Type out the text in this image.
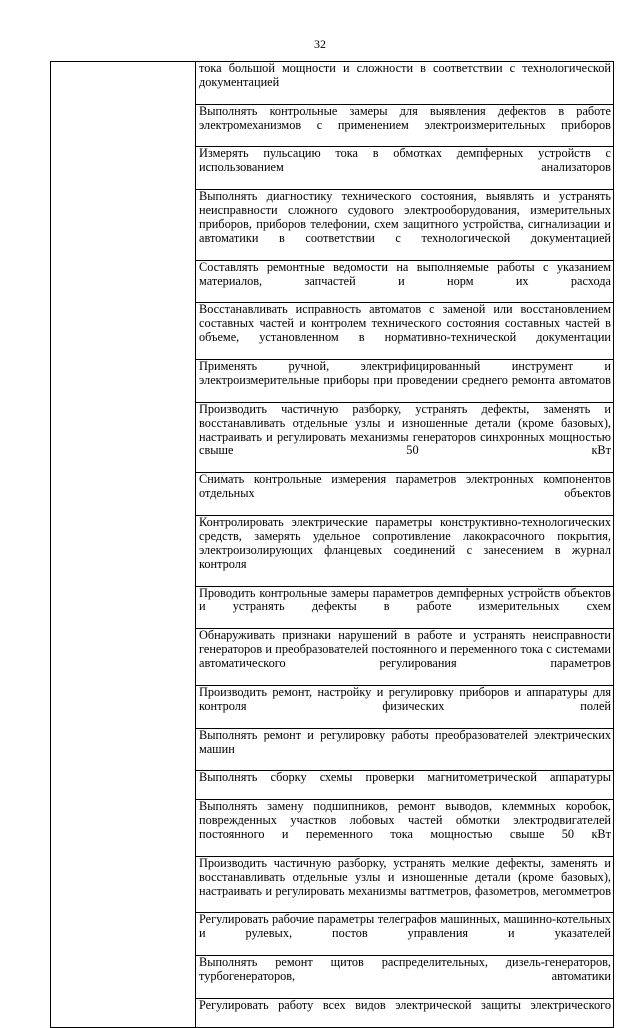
32

тока большой мощности и сложности в соответствии с технологической документацией

Выполнять контрольные замеры для выявления дефектов в работе электромеханизмов с применением электроизмерительных приборов

Измерять пульсацию тока в обмотках демпферных устройств с использованием анализаторов

Выполнять диагностику технического состояния, выявлять и устранять неисправности сложного судового электрооборудования, измерительных приборов, приборов телефонии, схем защитного устройства, сигнализации и автоматики в соответствии с технологической документацией

Составлять ремонтные ведомости на выполняемые работы с указанием материалов, запчастей и норм их расхода

Восстанавливать исправность автоматов с заменой или восстановлением составных частей и контролем технического состояния составных частей в объеме, установленном в нормативно-технической документации

Применять ручной, электрифицированный инструмент и электроизмерительные приборы при проведении среднего ремонта автоматов

Производить частичную разборку, устранять дефекты, заменять и восстанавливать отдельные узлы и изношенные детали (кроме базовых), настраивать и регулировать механизмы генераторов синхронных мощностью свыше 50 кВт

Снимать контрольные измерения параметров электронных компонентов отдельных объектов

Контролировать электрические параметры конструктивно-технологических средств, замерять удельное сопротивление лакокрасочного покрытия, электроизолирующих фланцевых соединений с занесением в журнал контроля

Проводить контрольные замеры параметров демпферных устройств объектов и устранять дефекты в работе измерительных схем

Обнаруживать признаки нарушений в работе и устранять неисправности генераторов и преобразователей постоянного и переменного тока с системами автоматического регулирования параметров

Производить ремонт, настройку и регулировку приборов и аппаратуры для контроля физических полей

Выполнять ремонт и регулировку работы преобразователей электрических машин

Выполнять сборку схемы проверки магнитометрической аппаратуры

Выполнять замену подшипников, ремонт выводов, клеммных коробок, поврежденных участков лобовых частей обмотки электродвигателей постоянного и переменного тока мощностью свыше 50 кВт

Производить частичную разборку, устранять мелкие дефекты, заменять и восстанавливать отдельные узлы и изношенные детали (кроме базовых), настраивать и регулировать механизмы ваттметров, фазометров, мегомметров

Регулировать рабочие параметры телеграфов машинных, машинно-котельных и рулевых, постов управления и указателей

Выполнять ремонт щитов распределительных, дизель-генераторов, турбогенераторов, автоматики

Регулировать работу всех видов электрической защиты электрического
